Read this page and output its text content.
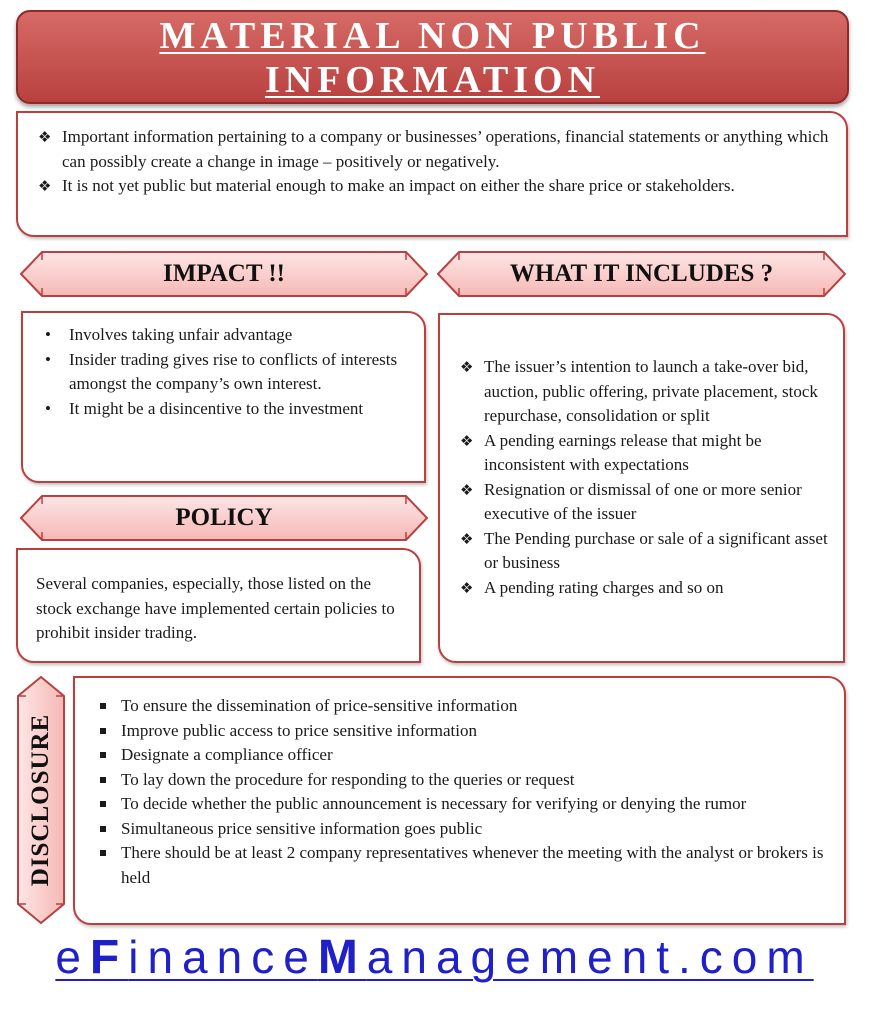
MATERIAL NON PUBLIC
INFORMATION
❖ Important information pertaining to a company or businesses’ operations, financial statements or anything which can possibly create a change in image – positively or negatively.
❖ It is not yet public but material enough to make an impact on either the share price or stakeholders.
IMPACT !!	WHAT IT INCLUDES ?
• Involves taking unfair advantage
• Insider trading gives rise to conflicts of interests amongst the company’s own interest.
• It might be a disincentive to the investment
POLICY
Several companies, especially, those listed on the stock exchange have implemented certain policies to prohibit insider trading.
❖ The issuer’s intention to launch a take-over bid, auction, public offering, private placement, stock repurchase, consolidation or split
❖ A pending earnings release that might be inconsistent with expectations
❖ Resignation or dismissal of one or more senior executive of the issuer
❖ The Pending purchase or sale of a significant asset or business
❖ A pending rating charges and so on
DISCLOSURE
To ensure the dissemination of price-sensitive information
Improve public access to price sensitive information
Designate a compliance officer
To lay down the procedure for responding to the queries or request
To decide whether the public announcement is necessary for verifying or denying the rumor
Simultaneous price sensitive information goes public
There should be at least 2 company representatives whenever the meeting with the analyst or brokers is held
eFinanceManagement.com
